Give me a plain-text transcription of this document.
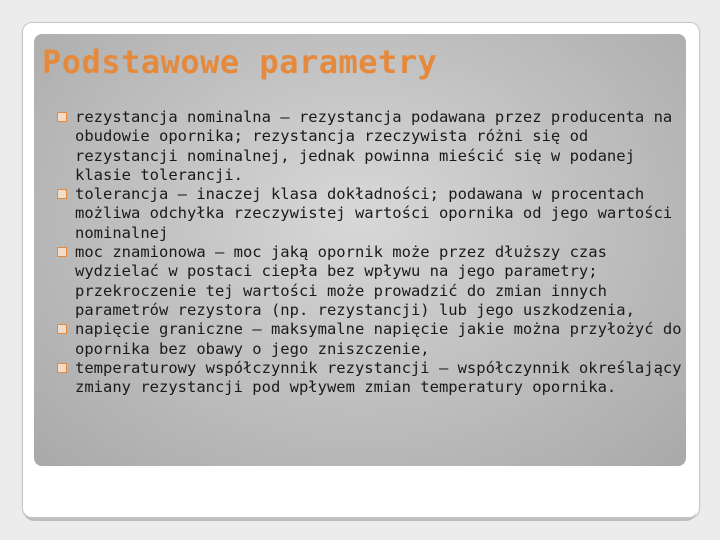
Podstawowe parametry
rezystancja nominalna – rezystancja podawana przez producenta na obudowie opornika; rezystancja rzeczywista różni się od rezystancji nominalnej, jednak powinna mieścić się w podanej klasie tolerancji.
tolerancja – inaczej klasa dokładności; podawana w procentach możliwa odchyłka rzeczywistej wartości opornika od jego wartości nominalnej
moc znamionowa – moc jaką opornik może przez dłuższy czas wydzielać w postaci ciepła bez wpływu na jego parametry; przekroczenie tej wartości może prowadzić do zmian innych parametrów rezystora (np. rezystancji) lub jego uszkodzenia,
napięcie graniczne – maksymalne napięcie jakie można przyłożyć do opornika bez obawy o jego zniszczenie,
temperaturowy współczynnik rezystancji – współczynnik określający zmiany rezystancji pod wpływem zmian temperatury opornika.
